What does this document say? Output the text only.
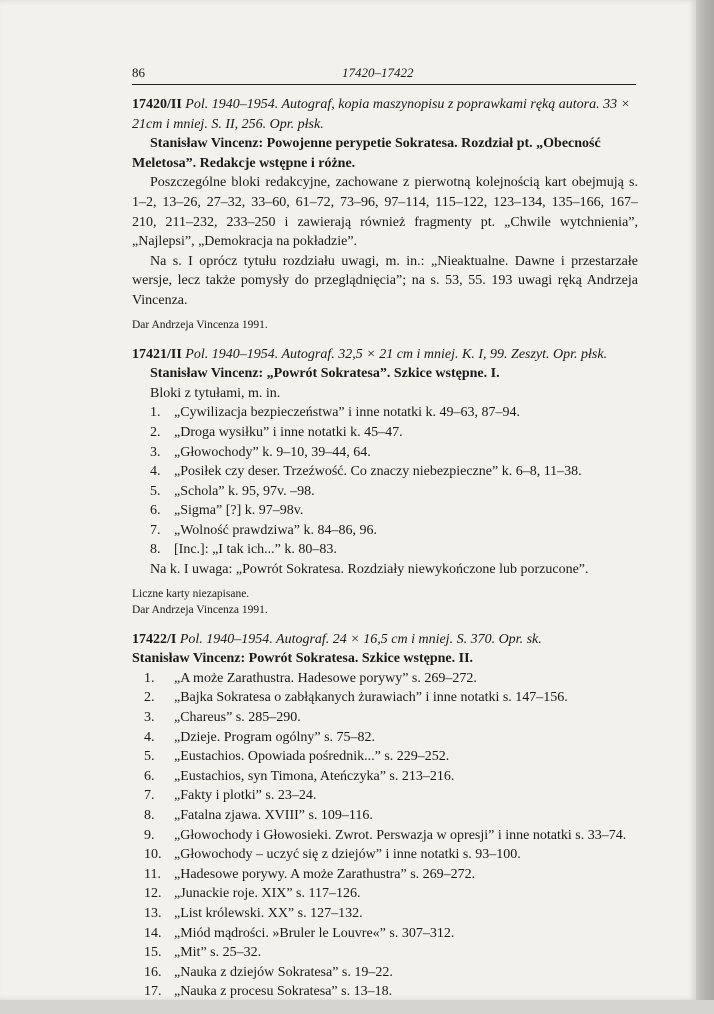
86	17420–17422
17420/II Pol. 1940–1954. Autograf, kopia maszynopisu z poprawkami ręką autora. 33 × 21cm i mniej. S. II, 256. Opr. płsk.
Stanisław Vincenz: Powojenne perypetie Sokratesa. Rozdział pt. „Obecność Meletosa”. Redakcje wstępne i różne.
Poszczególne bloki redakcyjne, zachowane z pierwotną kolejnością kart obejmują s. 1–2, 13–26, 27–32, 33–60, 61–72, 73–96, 97–114, 115–122, 123–134, 135–166, 167–210, 211–232, 233–250 i zawierają również fragmenty pt. „Chwile wytchnienia”, „Najlepsi”, „Demokracja na pokładzie”.
Na s. I oprócz tytułu rozdziału uwagi, m. in.: „Nieaktualne. Dawne i przestarzałe wersje, lecz także pomysły do przeglądnięcia”; na s. 53, 55. 193 uwagi ręką Andrzeja Vincenza.
Dar Andrzeja Vincenza 1991.
17421/II Pol. 1940–1954. Autograf. 32,5 × 21 cm i mniej. K. I, 99. Zeszyt. Opr. płsk.
Stanisław Vincenz: „Powrót Sokratesa”. Szkice wstępne. I.
Bloki z tytułami, m. in.
1. „Cywilizacja bezpieczeństwa” i inne notatki k. 49–63, 87–94.
2. „Droga wysiłku” i inne notatki k. 45–47.
3. „Głowochody” k. 9–10, 39–44, 64.
4. „Posiłek czy deser. Trzeźwość. Co znaczy niebezpieczne” k. 6–8, 11–38.
5. „Schola” k. 95, 97v. –98.
6. „Sigma” [?] k. 97–98v.
7. „Wolność prawdziwa” k. 84–86, 96.
8. [Inc.]: „I tak ich...” k. 80–83.
Na k. I uwaga: „Powrót Sokratesa. Rozdziały niewykończone lub porzucone”.
Liczne karty niezapisane.
Dar Andrzeja Vincenza 1991.
17422/I Pol. 1940–1954. Autograf. 24 × 16,5 cm i mniej. S. 370. Opr. sk.
Stanisław Vincenz: Powrót Sokratesa. Szkice wstępne. II.
1. „A może Zarathustra. Hadesowe porywy” s. 269–272.
2. „Bajka Sokratesa o zabłąkanych żurawiach” i inne notatki s. 147–156.
3. „Chareus” s. 285–290.
4. „Dzieje. Program ogólny” s. 75–82.
5. „Eustachios. Opowiada pośrednik...” s. 229–252.
6. „Eustachios, syn Timona, Ateńczyka” s. 213–216.
7. „Fakty i plotki” s. 23–24.
8. „Fatalna zjawa. XVIII” s. 109–116.
9. „Głowochody i Głowosieki. Zwrot. Perswazja w opresji” i inne notatki s. 33–74.
10. „Głowochody – uczyć się z dziejów” i inne notatki s. 93–100.
11. „Hadesowe porywy. A może Zarathustra” s. 269–272.
12. „Junackie roje. XIX” s. 117–126.
13. „List królewski. XX” s. 127–132.
14. „Miód mądrości. »Bruler le Louvre«” s. 307–312.
15. „Mit” s. 25–32.
16. „Nauka z dziejów Sokratesa” s. 19–22.
17. „Nauka z procesu Sokratesa” s. 13–18.
